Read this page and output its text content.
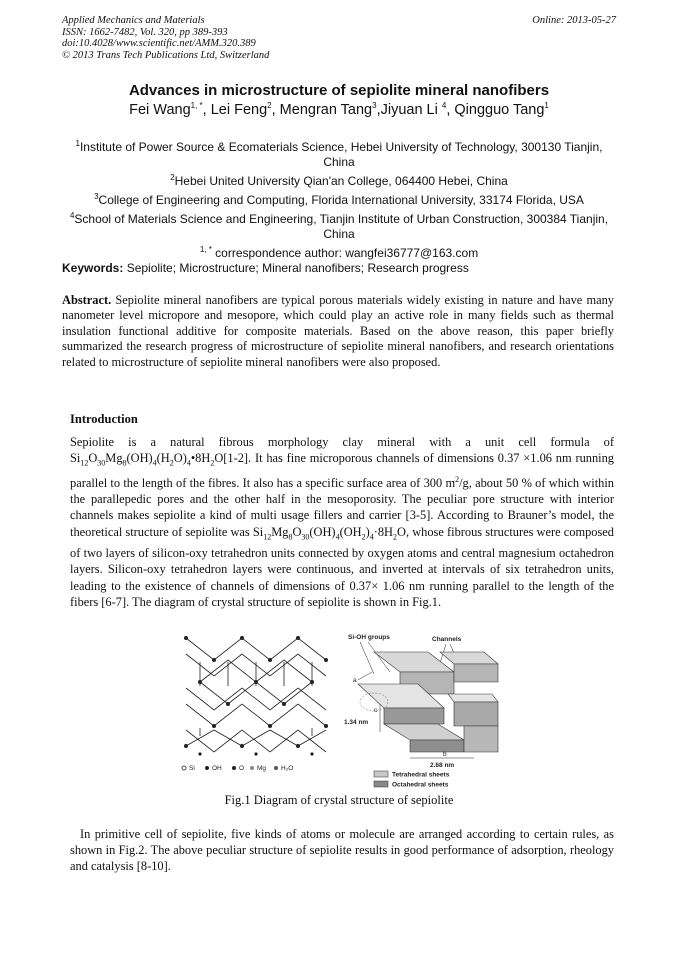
Applied Mechanics and Materials
ISSN: 1662-7482, Vol. 320, pp 389-393
doi:10.4028/www.scientific.net/AMM.320.389
© 2013 Trans Tech Publications Ltd, Switzerland
Online: 2013-05-27
Advances in microstructure of sepiolite mineral nanofibers
Fei Wang$^{1, *}$, Lei Feng$^2$, Mengran Tang$^3$,Jiyuan Li $^4$, Qingguo Tang$^1$
$^1$Institute of Power Source & Ecomaterials Science, Hebei University of Technology, 300130 Tianjin, China
$^2$Hebei United University Qian'an College, 064400 Hebei, China
$^3$College of Engineering and Computing, Florida International University, 33174 Florida, USA
$^4$School of Materials Science and Engineering, Tianjin Institute of Urban Construction, 300384 Tianjin, China
$^{1, *}$ correspondence author: wangfei36777@163.com
Keywords: Sepiolite; Microstructure; Mineral nanofibers; Research progress
Abstract. Sepiolite mineral nanofibers are typical porous materials widely existing in nature and have many nanometer level micropore and mesopore, which could play an active role in many fields such as thermal insulation functional additive for composite materials. Based on the above reason, this paper briefly summarized the research progress of microstructure of sepiolite mineral nanofibers, and research orientations related to microstructure of sepiolite mineral nanofibers were also proposed.
Introduction
Sepiolite is a natural fibrous morphology clay mineral with a unit cell formula of $Si_{12}O_{30}Mg_8(OH)_4(H_2O)_4•8H_2O[1-2]$. It has fine microporous channels of dimensions 0.37 ×1.06 nm running parallel to the length of the fibres. It also has a specific surface area of 300 $m^2/g$, about 50 % of which within the parallepedic pores and the other half in the mesoporosity. The peculiar pore structure with interior channels makes sepiolite a kind of multi usage fillers and carrier [3-5]. According to Brauner’s model, the theoretical structure of sepiolite was $Si_{12}Mg_8O_{30}(OH)_4(OH_2)_4\cdot 8H_2O$, whose fibrous structures were composed of two layers of silicon-oxy tetrahedron units connected by oxygen atoms and central magnesium octahedron layers. Silicon-oxy tetrahedron layers were continuous, and inverted at intervals of six tetrahedron units, leading to the existence of channels of dimensions of 0.37× 1.06 nm running parallel to the length of the fibers [6-7]. The diagram of crystal structure of sepiolite is shown in Fig.1.
Si	OH	O Mg H₂O
Si-OH groups	Channels
a
c
1.34 nm
b
2.68 nm
Tetrahedral sheets
Octahedral sheets
Fig.1 Diagram of crystal structure of sepiolite
In primitive cell of sepiolite, five kinds of atoms or molecule are arranged according to certain rules, as shown in Fig.2. The above peculiar structure of sepiolite results in good performance of adsorption, rheology and catalysis [8-10].
